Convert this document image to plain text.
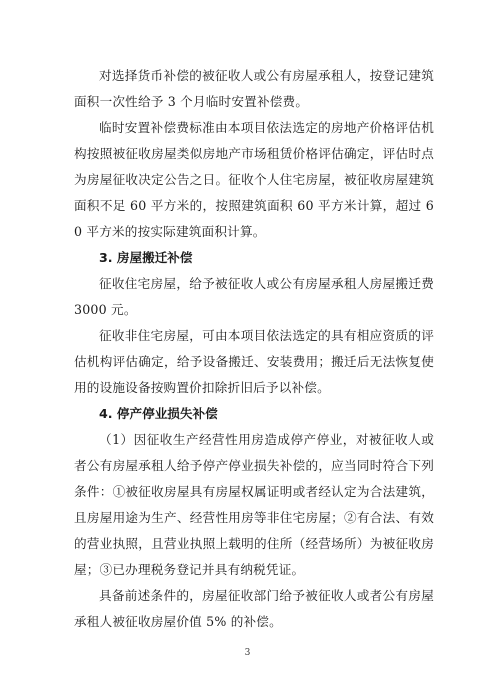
对选择货币补偿的被征收人或公有房屋承租人，按登记建筑面积一次性给予 3 个月临时安置补偿费。

临时安置补偿费标准由本项目依法选定的房地产价格评估机构按照被征收房屋类似房地产市场租赁价格评估确定，评估时点为房屋征收决定公告之日。征收个人住宅房屋，被征收房屋建筑面积不足 60 平方米的，按照建筑面积 60 平方米计算，超过 60 平方米的按实际建筑面积计算。

3. 房屋搬迁补偿

征收住宅房屋，给予被征收人或公有房屋承租人房屋搬迁费 3000 元。

征收非住宅房屋，可由本项目依法选定的具有相应资质的评估机构评估确定，给予设备搬迁、安装费用；搬迁后无法恢复使用的设施设备按购置价扣除折旧后予以补偿。

4. 停产停业损失补偿

（1）因征收生产经营性用房造成停产停业，对被征收人或者公有房屋承租人给予停产停业损失补偿的，应当同时符合下列条件：①被征收房屋具有房屋权属证明或者经认定为合法建筑，且房屋用途为生产、经营性用房等非住宅房屋；②有合法、有效的营业执照，且营业执照上载明的住所（经营场所）为被征收房屋；③已办理税务登记并具有纳税凭证。

具备前述条件的，房屋征收部门给予被征收人或者公有房屋承租人被征收房屋价值 5% 的补偿。

3
